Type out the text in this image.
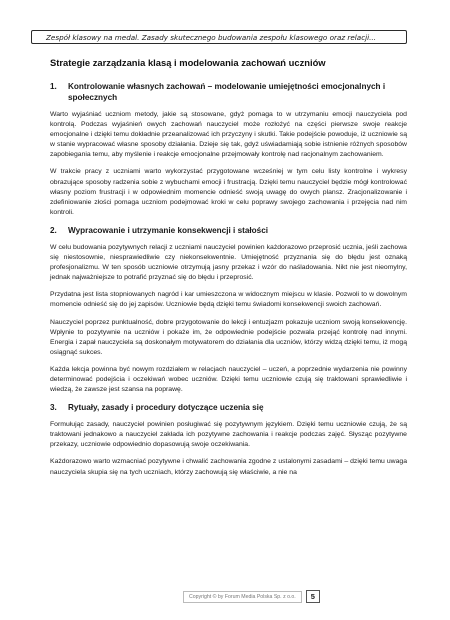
Zespół klasowy na medal. Zasady skutecznego budowania zespołu klasowego oraz relacji...
Strategie zarządzania klasą i modelowania zachowań uczniów
1.	Kontrolowanie własnych zachowań – modelowanie umiejętności emocjonalnych i społecznych

Warto wyjaśniać uczniom metody, jakie są stosowane, gdyż pomaga to w utrzymaniu emocji nauczyciela pod kontrolą. Podczas wyjaśnień owych zachowań nauczyciel może rozłożyć na części pierwsze swoje reakcje emocjonalne i dzięki temu dokładnie przeanalizować ich przyczyny i skutki. Takie podejście powoduje, iż uczniowie są w stanie wypracować własne sposoby działania. Dzieje się tak, gdyż uświadamiają sobie istnienie różnych sposobów zapobiegania temu, aby myślenie i reakcje emocjonalne przejmowały kontrolę nad racjonalnym zachowaniem.

W trakcie pracy z uczniami warto wykorzystać przygotowane wcześniej w tym celu listy kontrolne i wykresy obrazujące sposoby radzenia sobie z wybuchami emocji i frustracją. Dzięki temu nauczyciel będzie mógł kontrolować własny poziom frustracji i w odpowiednim momencie odnieść swoją uwagę do owych plansz. Zracjonalizowanie i zdefiniowanie złości pomaga uczniom podejmować kroki w celu poprawy swojego zachowania i przejęcia nad nim kontroli.

2.	Wypracowanie i utrzymanie konsekwencji i stałości

W celu budowania pozytywnych relacji z uczniami nauczyciel powinien każdorazowo przeprosić ucznia, jeśli zachowa się niestosownie, niesprawiedliwie czy niekonsekwentnie. Umiejętność przyznania się do błędu jest oznaką profesjonalizmu. W ten sposób uczniowie otrzymują jasny przekaz i wzór do naśladowania. Nikt nie jest nieomylny, jednak najważniejsze to potrafić przyznać się do błędu i przeprosić.

Przydatna jest lista stopniowanych nagród i kar umieszczona w widocznym miejscu w klasie. Pozwoli to w dowolnym momencie odnieść się do jej zapisów. Uczniowie będą dzięki temu świadomi konsekwencji swoich zachowań.

Nauczyciel poprzez punktualność, dobre przygotowanie do lekcji i entuzjazm pokazuje uczniom swoją konsekwencję. Wpłynie to pozytywnie na uczniów i pokaże im, że odpowiednie podejście pozwala przejąć kontrolę nad innymi. Energia i zapał nauczyciela są doskonałym motywatorem do działania dla uczniów, którzy widzą dzięki temu, iż mogą osiągnąć sukces.

Każda lekcja powinna być nowym rozdziałem w relacjach nauczyciel – uczeń, a poprzednie wydarzenia nie powinny determinować podejścia i oczekiwań wobec uczniów. Dzięki temu uczniowie czują się traktowani sprawiedliwie i wiedzą, że zawsze jest szansa na poprawę.

3.	Rytuały, zasady i procedury dotyczące uczenia się

Formułując zasady, nauczyciel powinien posługiwać się pozytywnym językiem. Dzięki temu uczniowie czują, że są traktowani jednakowo a nauczyciel zakłada ich pozytywne zachowania i reakcje podczas zajęć. Słysząc pozytywne przekazy, uczniowie odpowiednio dopasowują swoje oczekiwania.

Każdorazowo warto wzmacniać pozytywne i chwalić zachowania zgodne z ustalonymi zasadami – dzięki temu uwaga nauczyciela skupia się na tych uczniach, którzy zachowują się właściwie, a nie na

Copyright © by Forum Media Polska Sp. z o.o.	5
